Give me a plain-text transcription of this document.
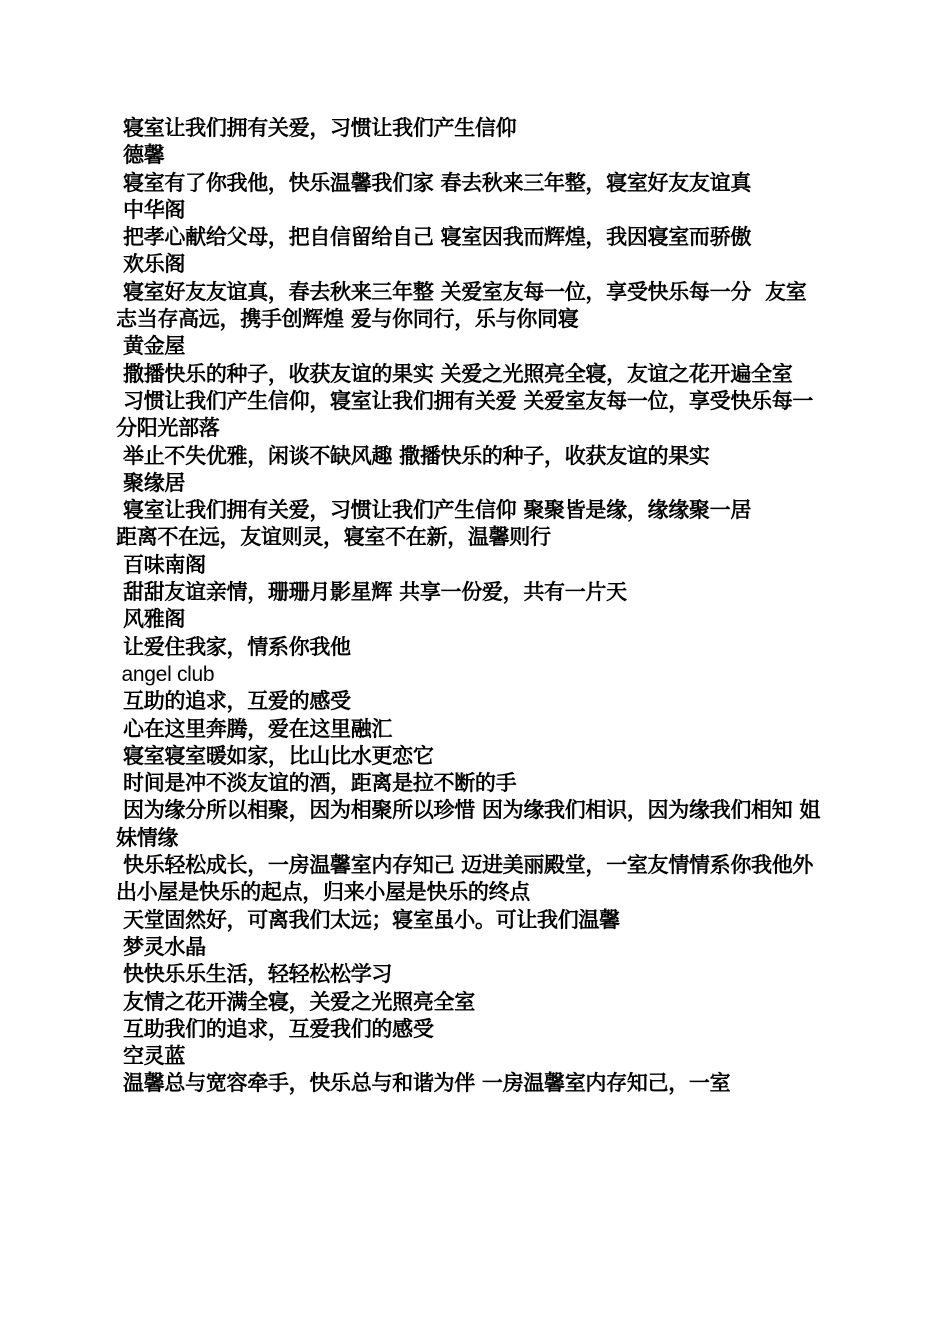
寝室让我们拥有关爱，习惯让我们产生信仰
德馨
寝室有了你我他，快乐温馨我们家 春去秋来三年整，寝室好友友谊真
中华阁
把孝心献给父母，把自信留给自己 寝室因我而辉煌，我因寝室而骄傲
欢乐阁
寝室好友友谊真，春去秋来三年整 关爱室友每一位，享受快乐每一分  友室  志当存高远，携手创辉煌 爱与你同行，乐与你同寝
黄金屋
撒播快乐的种子，收获友谊的果实 关爱之光照亮全寝，友谊之花开遍全室
习惯让我们产生信仰，寝室让我们拥有关爱 关爱室友每一位，享受快乐每一分阳光部落
举止不失优雅，闲谈不缺风趣 撒播快乐的种子，收获友谊的果实
聚缘居
寝室让我们拥有关爱，习惯让我们产生信仰 聚聚皆是缘，缘缘聚一居
距离不在远，友谊则灵，寝室不在新，温馨则行
百味南阁
甜甜友谊亲情，珊珊月影星辉 共享一份爱，共有一片天
风雅阁
让爱住我家，情系你我他
angel club
互助的追求，互爱的感受
心在这里奔腾，爱在这里融汇
寝室寝室暖如家，比山比水更恋它
时间是冲不淡友谊的酒，距离是拉不断的手
因为缘分所以相聚，因为相聚所以珍惜 因为缘我们相识，因为缘我们相知 姐妹情缘
快乐轻松成长，一房温馨室内存知己 迈进美丽殿堂，一室友情情系你我他外出小屋是快乐的起点，归来小屋是快乐的终点
天堂固然好，可离我们太远；寝室虽小。可让我们温馨
梦灵水晶
快快乐乐生活，轻轻松松学习
友情之花开满全寝，关爱之光照亮全室
互助我们的追求，互爱我们的感受
空灵蓝
温馨总与宽容牵手，快乐总与和谐为伴 一房温馨室内存知己，一室
